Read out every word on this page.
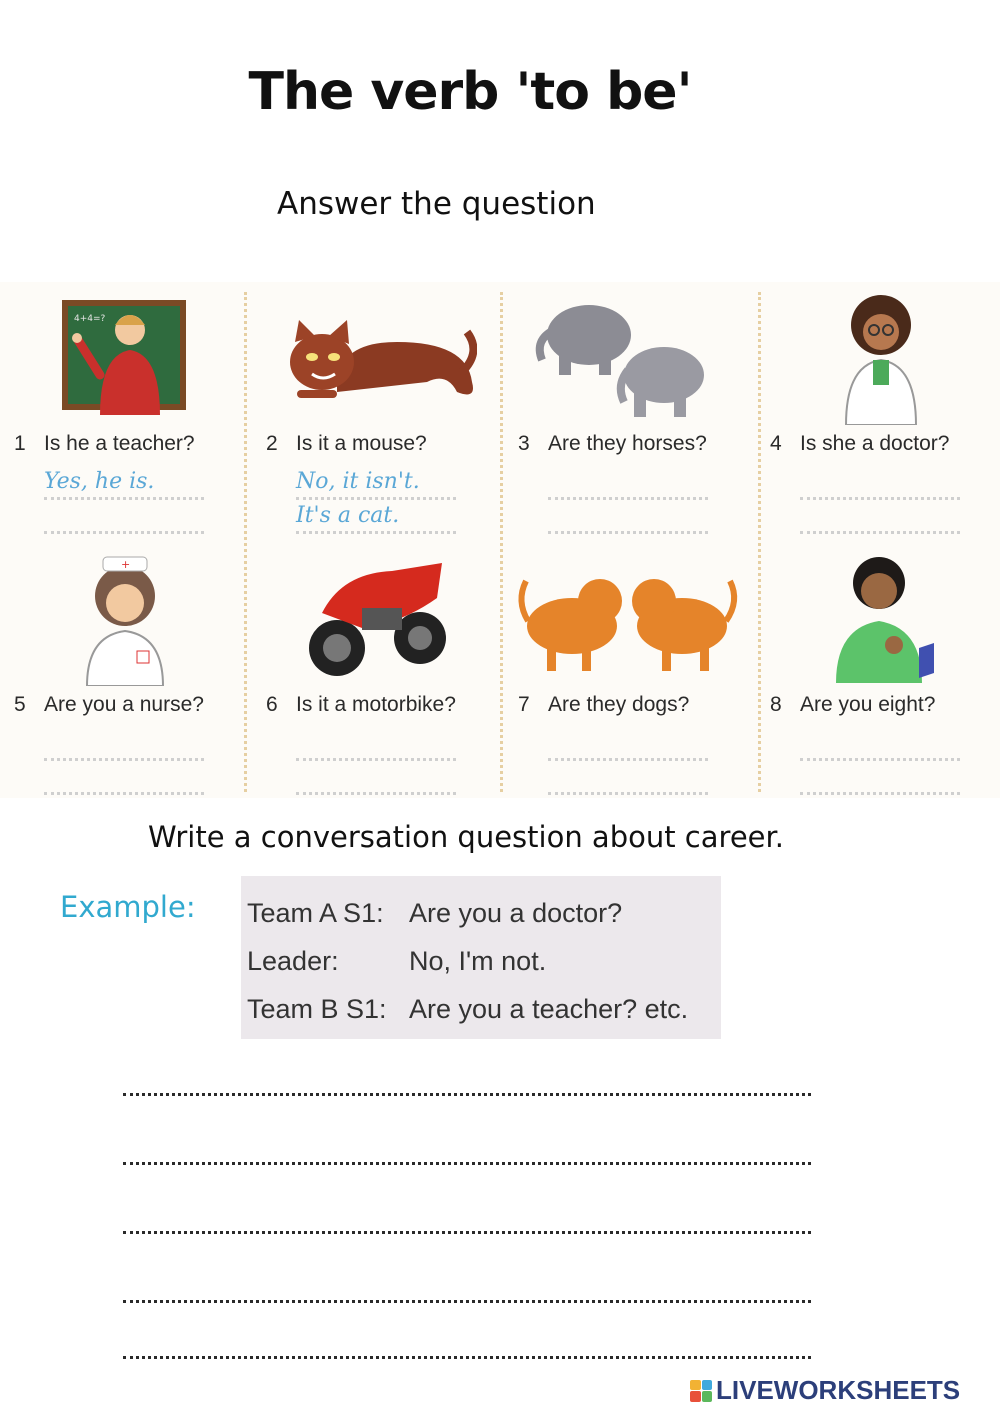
The verb 'to be'
Answer the question
4+4=?
1 Is he a teacher?
Yes, he is.
2 Is it a mouse?
No, it isn't.
It's a cat.
3 Are they horses?	4 Is she a doctor?
+
5 Are you a nurse?	6 Is it a motorbike?	7 Are they dogs?	8 Are you eight?
Write a conversation question about career.
Example: Team A S1: Are you a doctor?
Leader:	No, I'm not.
Team B S1: Are you a teacher? etc.
LIVEWORKSHEETS
